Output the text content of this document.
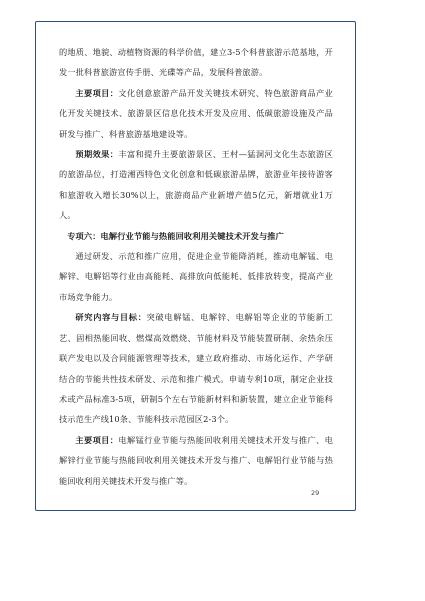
的地质、地貌、动植物资源的科学价值，建立3-5个科普旅游示范基地，开发一批科普旅游宣传手册、光碟等产品，发展科普旅游。

主要项目：文化创意旅游产品开发关键技术研究、特色旅游商品产业化开发关键技术、旅游景区信息化技术开发及应用、低碳旅游设施及产品研发与推广、科普旅游基地建设等。

预期效果：丰富和提升主要旅游景区、王村—猛洞河文化生态旅游区的旅游品位，打造湘西特色文化创意和低碳旅游品牌，旅游业年接待游客和旅游收入增长30%以上，旅游商品产业新增产值5亿元，新增就业1万人。

专项六：电解行业节能与热能回收利用关键技术开发与推广

通过研发、示范和推广应用，促进企业节能降消耗，推动电解锰、电解锌、电解铝等行业由高能耗、高排放向低能耗、低排放转变，提高产业市场竞争能力。

研究内容与目标：突破电解锰、电解锌、电解铝等企业的节能新工艺、固相热能回收、燃煤高效燃烧、节能材料及节能装置研制、余热余压联产发电以及合同能源管理等技术，建立政府推动、市场化运作、产学研结合的节能共性技术研发、示范和推广模式。申请专利10项，制定企业技术或产品标准3-5项，研制5个左右节能新材料和新装置，建立企业节能科技示范生产线10条、节能科技示范园区2-3个。

主要项目：电解锰行业节能与热能回收利用关键技术开发与推广、电解锌行业节能与热能回收利用关键技术开发与推广、电解铝行业节能与热能回收利用关键技术开发与推广等。

29
